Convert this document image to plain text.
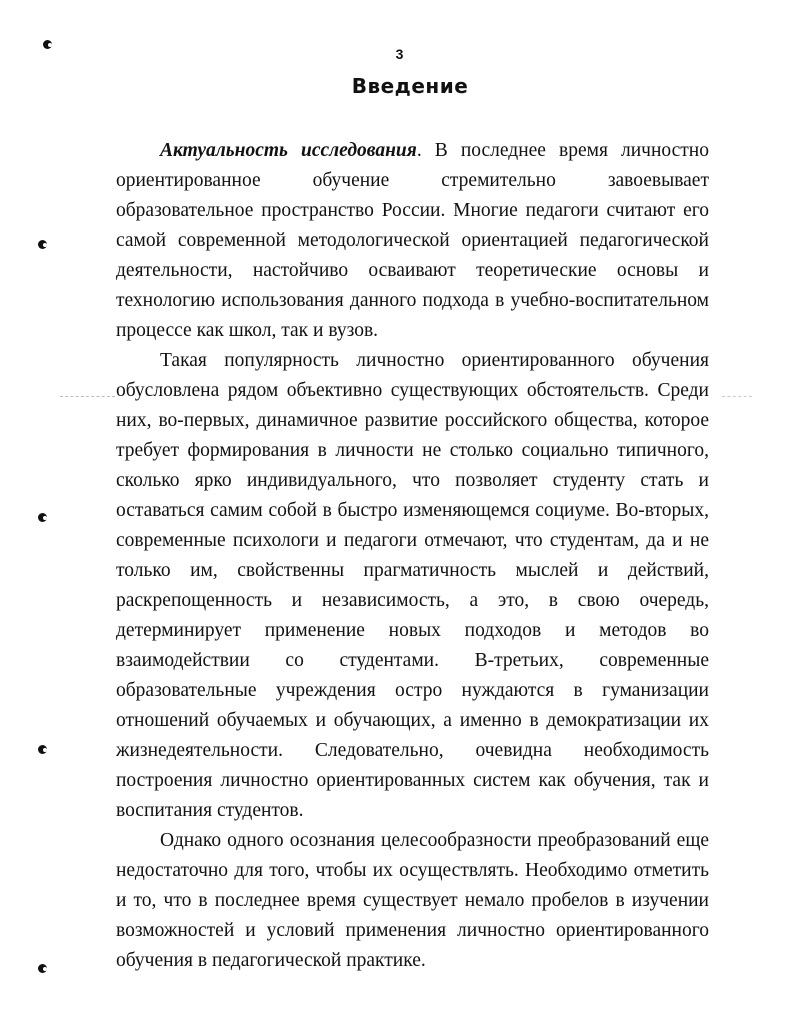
3
Введение

Актуальность исследования. В последнее время личностно ориентированное обучение стремительно завоевывает образовательное пространство России. Многие педагоги считают его самой современной методологической ориентацией педагогической деятельности, настойчиво осваивают теоретические основы и технологию использования данного подхода в учебно-воспитательном процессе как школ, так и вузов.

Такая популярность личностно ориентированного обучения обусловлена рядом объективно существующих обстоятельств. Среди них, во-первых, динамичное развитие российского общества, которое требует формирования в личности не столько социально типичного, сколько ярко индивидуального, что позволяет студенту стать и оставаться самим собой в быстро изменяющемся социуме. Во-вторых, современные психологи и педагоги отмечают, что студентам, да и не только им, свойственны прагматичность мыслей и действий, раскрепощенность и независимость, а это, в свою очередь, детерминирует применение новых подходов и методов во взаимодействии со студентами. В-третьих, современные образовательные учреждения остро нуждаются в гуманизации отношений обучаемых и обучающих, а именно в демократизации их жизнедеятельности. Следовательно, очевидна необходимость построения личностно ориентированных систем как обучения, так и воспитания студентов.

Однако одного осознания целесообразности преобразований еще недостаточно для того, чтобы их осуществлять. Необходимо отметить и то, что в последнее время существует немало пробелов в изучении возможностей и условий применения личностно ориентированного обучения в педагогической практике.
